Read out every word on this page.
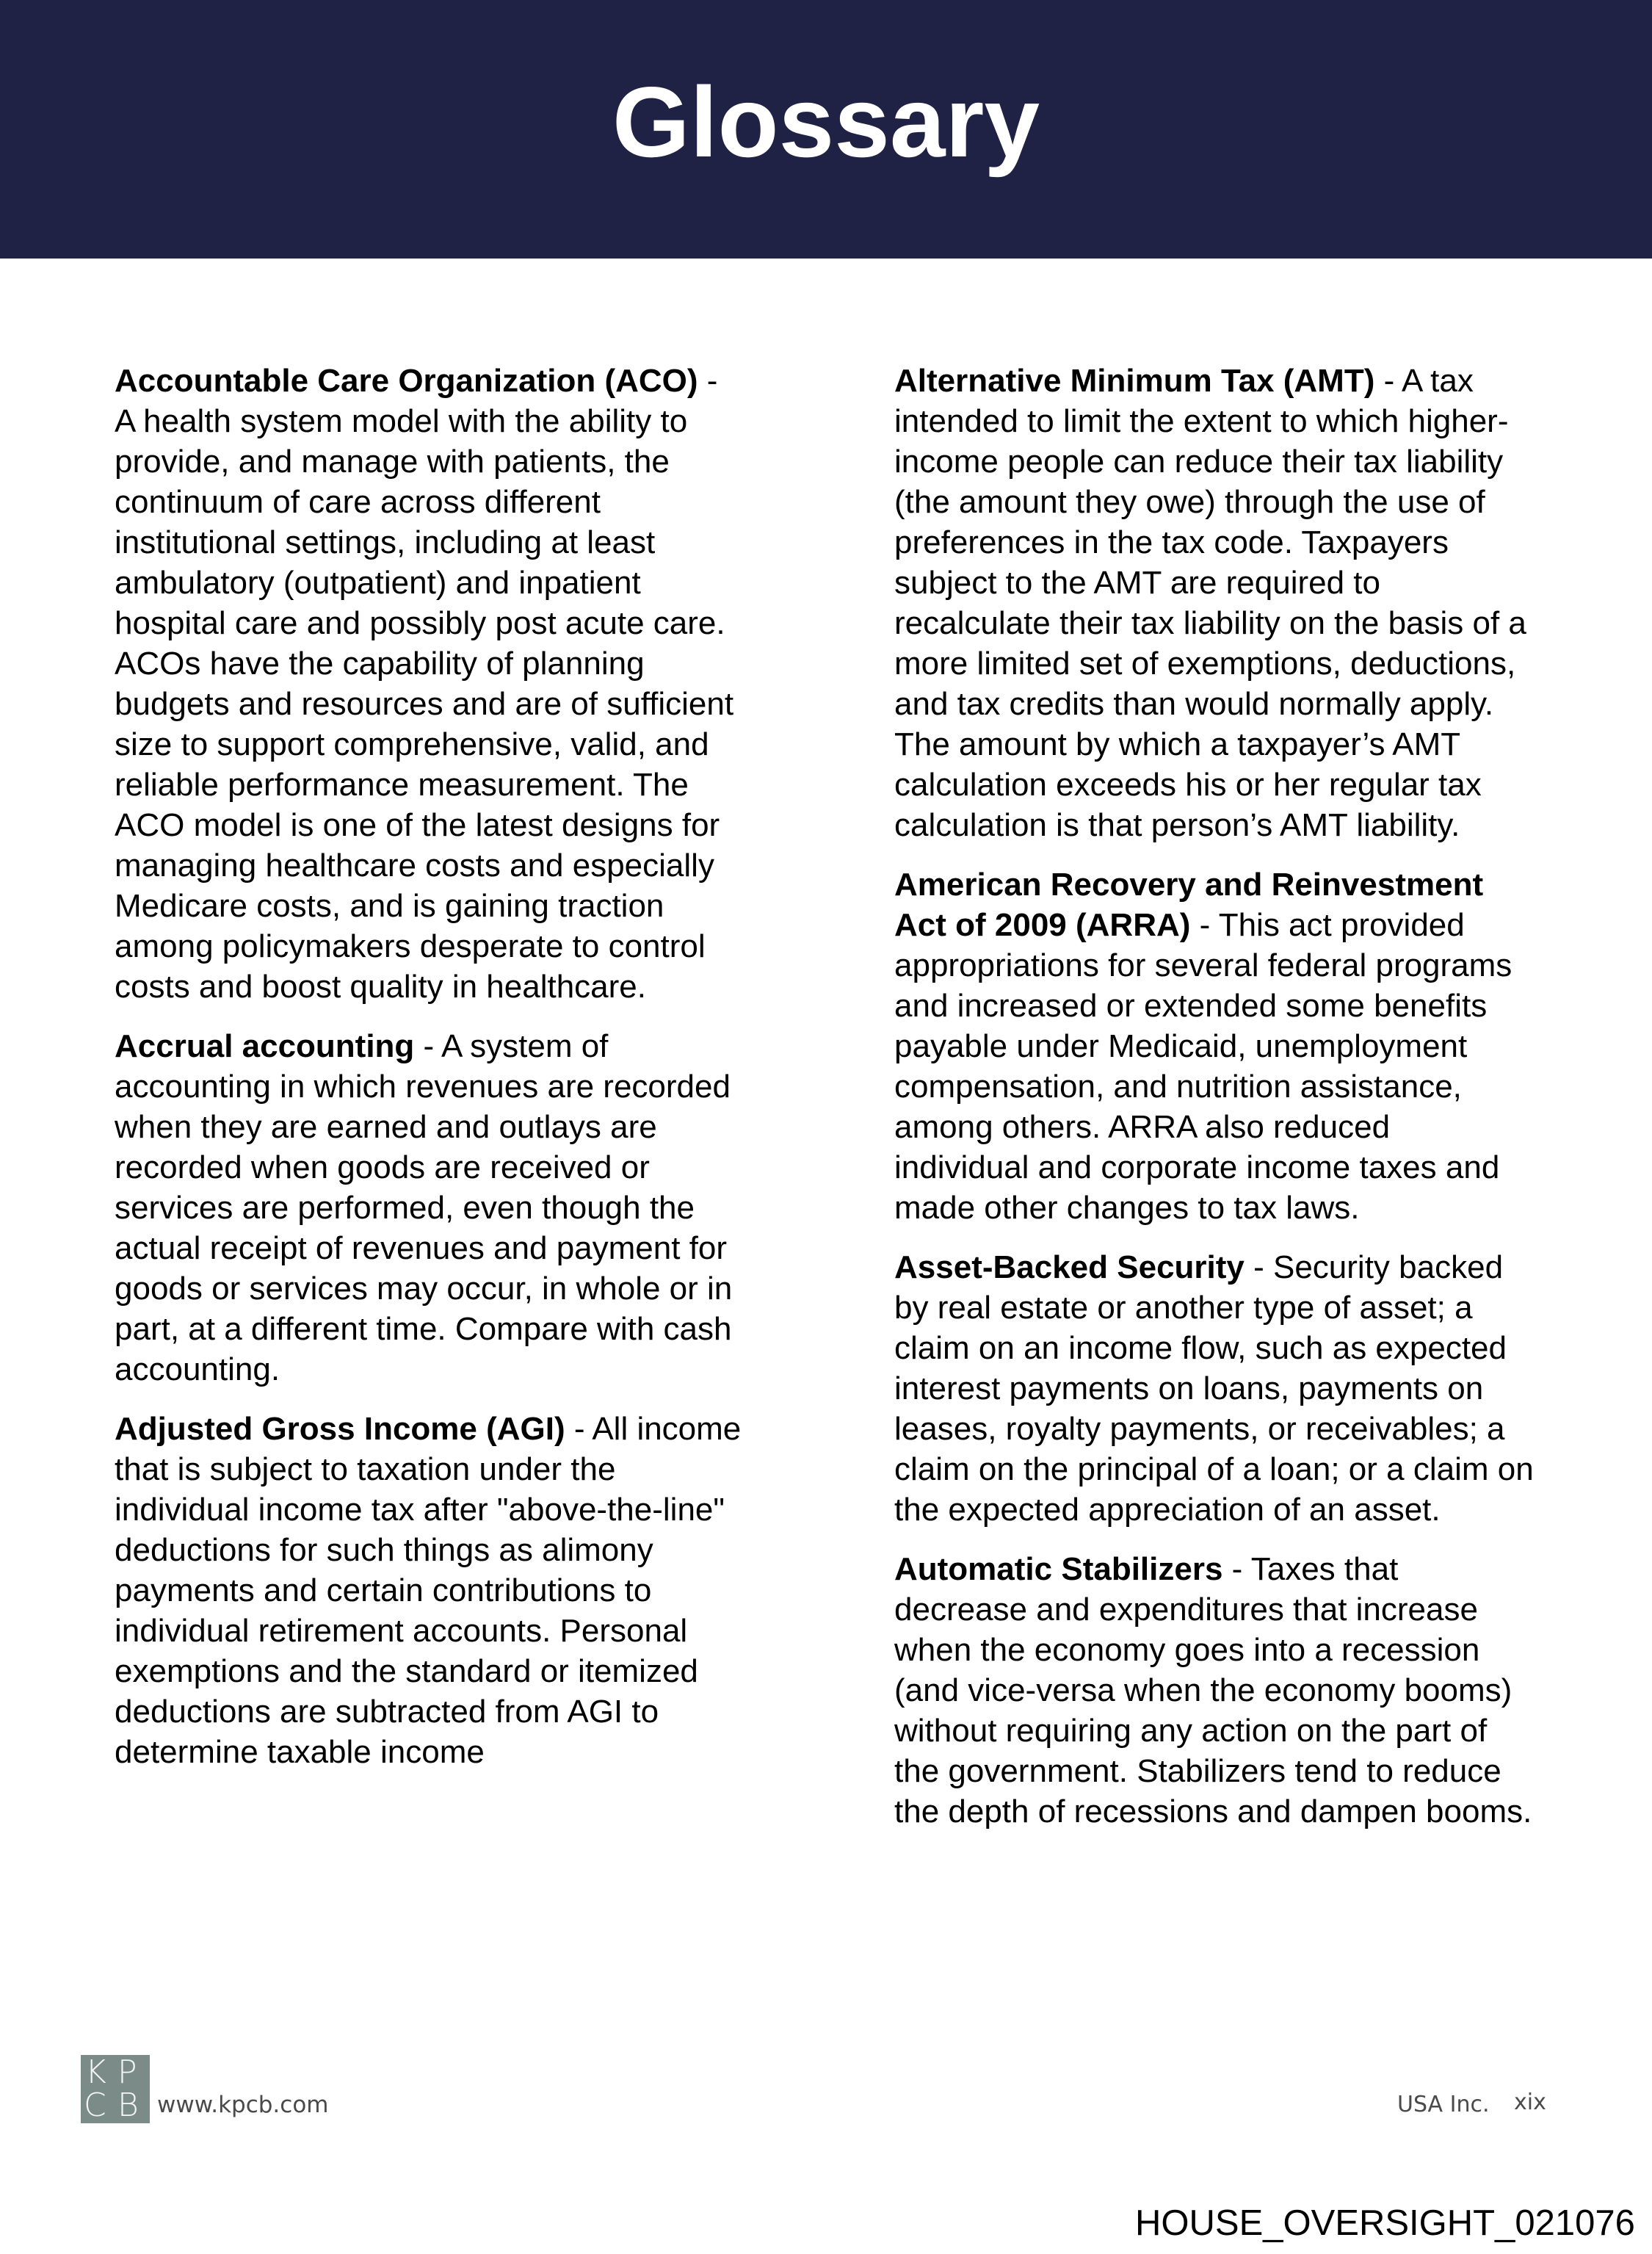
Glossary
Accountable Care Organization (ACO) -
A health system model with the ability to
provide, and manage with patients, the
continuum of care across different
institutional settings, including at least
ambulatory (outpatient) and inpatient
hospital care and possibly post acute care.
ACOs have the capability of planning
budgets and resources and are of sufficient
size to support comprehensive, valid, and
reliable performance measurement. The
ACO model is one of the latest designs for
managing healthcare costs and especially
Medicare costs, and is gaining traction
among policymakers desperate to control
costs and boost quality in healthcare.
Accrual accounting - A system of
accounting in which revenues are recorded
when they are earned and outlays are
recorded when goods are received or
services are performed, even though the
actual receipt of revenues and payment for
goods or services may occur, in whole or in
part, at a different time. Compare with cash
accounting.
Adjusted Gross Income (AGI) - All income
that is subject to taxation under the
individual income tax after "above-the-line"
deductions for such things as alimony
payments and certain contributions to
individual retirement accounts. Personal
exemptions and the standard or itemized
deductions are subtracted from AGI to
determine taxable income
Alternative Minimum Tax (AMT) - A tax
intended to limit the extent to which higher-
income people can reduce their tax liability
(the amount they owe) through the use of
preferences in the tax code. Taxpayers
subject to the AMT are required to
recalculate their tax liability on the basis of a
more limited set of exemptions, deductions,
and tax credits than would normally apply.
The amount by which a taxpayer’s AMT
calculation exceeds his or her regular tax
calculation is that person’s AMT liability.
American Recovery and Reinvestment
Act of 2009 (ARRA) - This act provided
appropriations for several federal programs
and increased or extended some benefits
payable under Medicaid, unemployment
compensation, and nutrition assistance,
among others. ARRA also reduced
individual and corporate income taxes and
made other changes to tax laws.
Asset-Backed Security - Security backed
by real estate or another type of asset; a
claim on an income flow, such as expected
interest payments on loans, payments on
leases, royalty payments, or receivables; a
claim on the principal of a loan; or a claim on
the expected appreciation of an asset.
Automatic Stabilizers - Taxes that
decrease and expenditures that increase
when the economy goes into a recession
(and vice-versa when the economy booms)
without requiring any action on the part of
the government. Stabilizers tend to reduce
the depth of recessions and dampen booms.
K P
C B www.kpcb.com	USA Inc. xix
HOUSE_OVERSIGHT_021076
